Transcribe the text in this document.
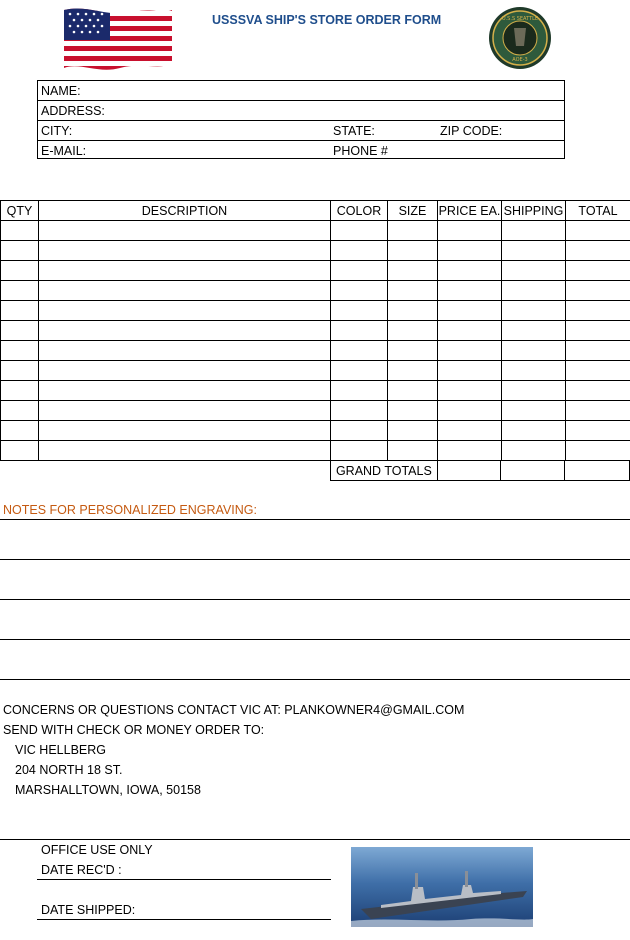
USSSVA SHIP'S STORE ORDER FORM	U.S.S SEATTLE
AOE-3
NAME:
ADDRESS:
CITY:	STATE:	ZIP CODE:
E-MAIL:	PHONE #
QTY	DESCRIPTION	COLOR	SIZE	PRICE EA.	SHIPPING	TOTAL

GRAND TOTALS			
NOTES FOR PERSONALIZED ENGRAVING:
CONCERNS OR QUESTIONS CONTACT VIC AT: PLANKOWNER4@GMAIL.COM
SEND WITH CHECK OR MONEY ORDER TO:
VIC HELLBERG
204 NORTH 18 ST.
MARSHALLTOWN, IOWA, 50158
OFFICE USE ONLY
DATE REC'D :
DATE SHIPPED:
